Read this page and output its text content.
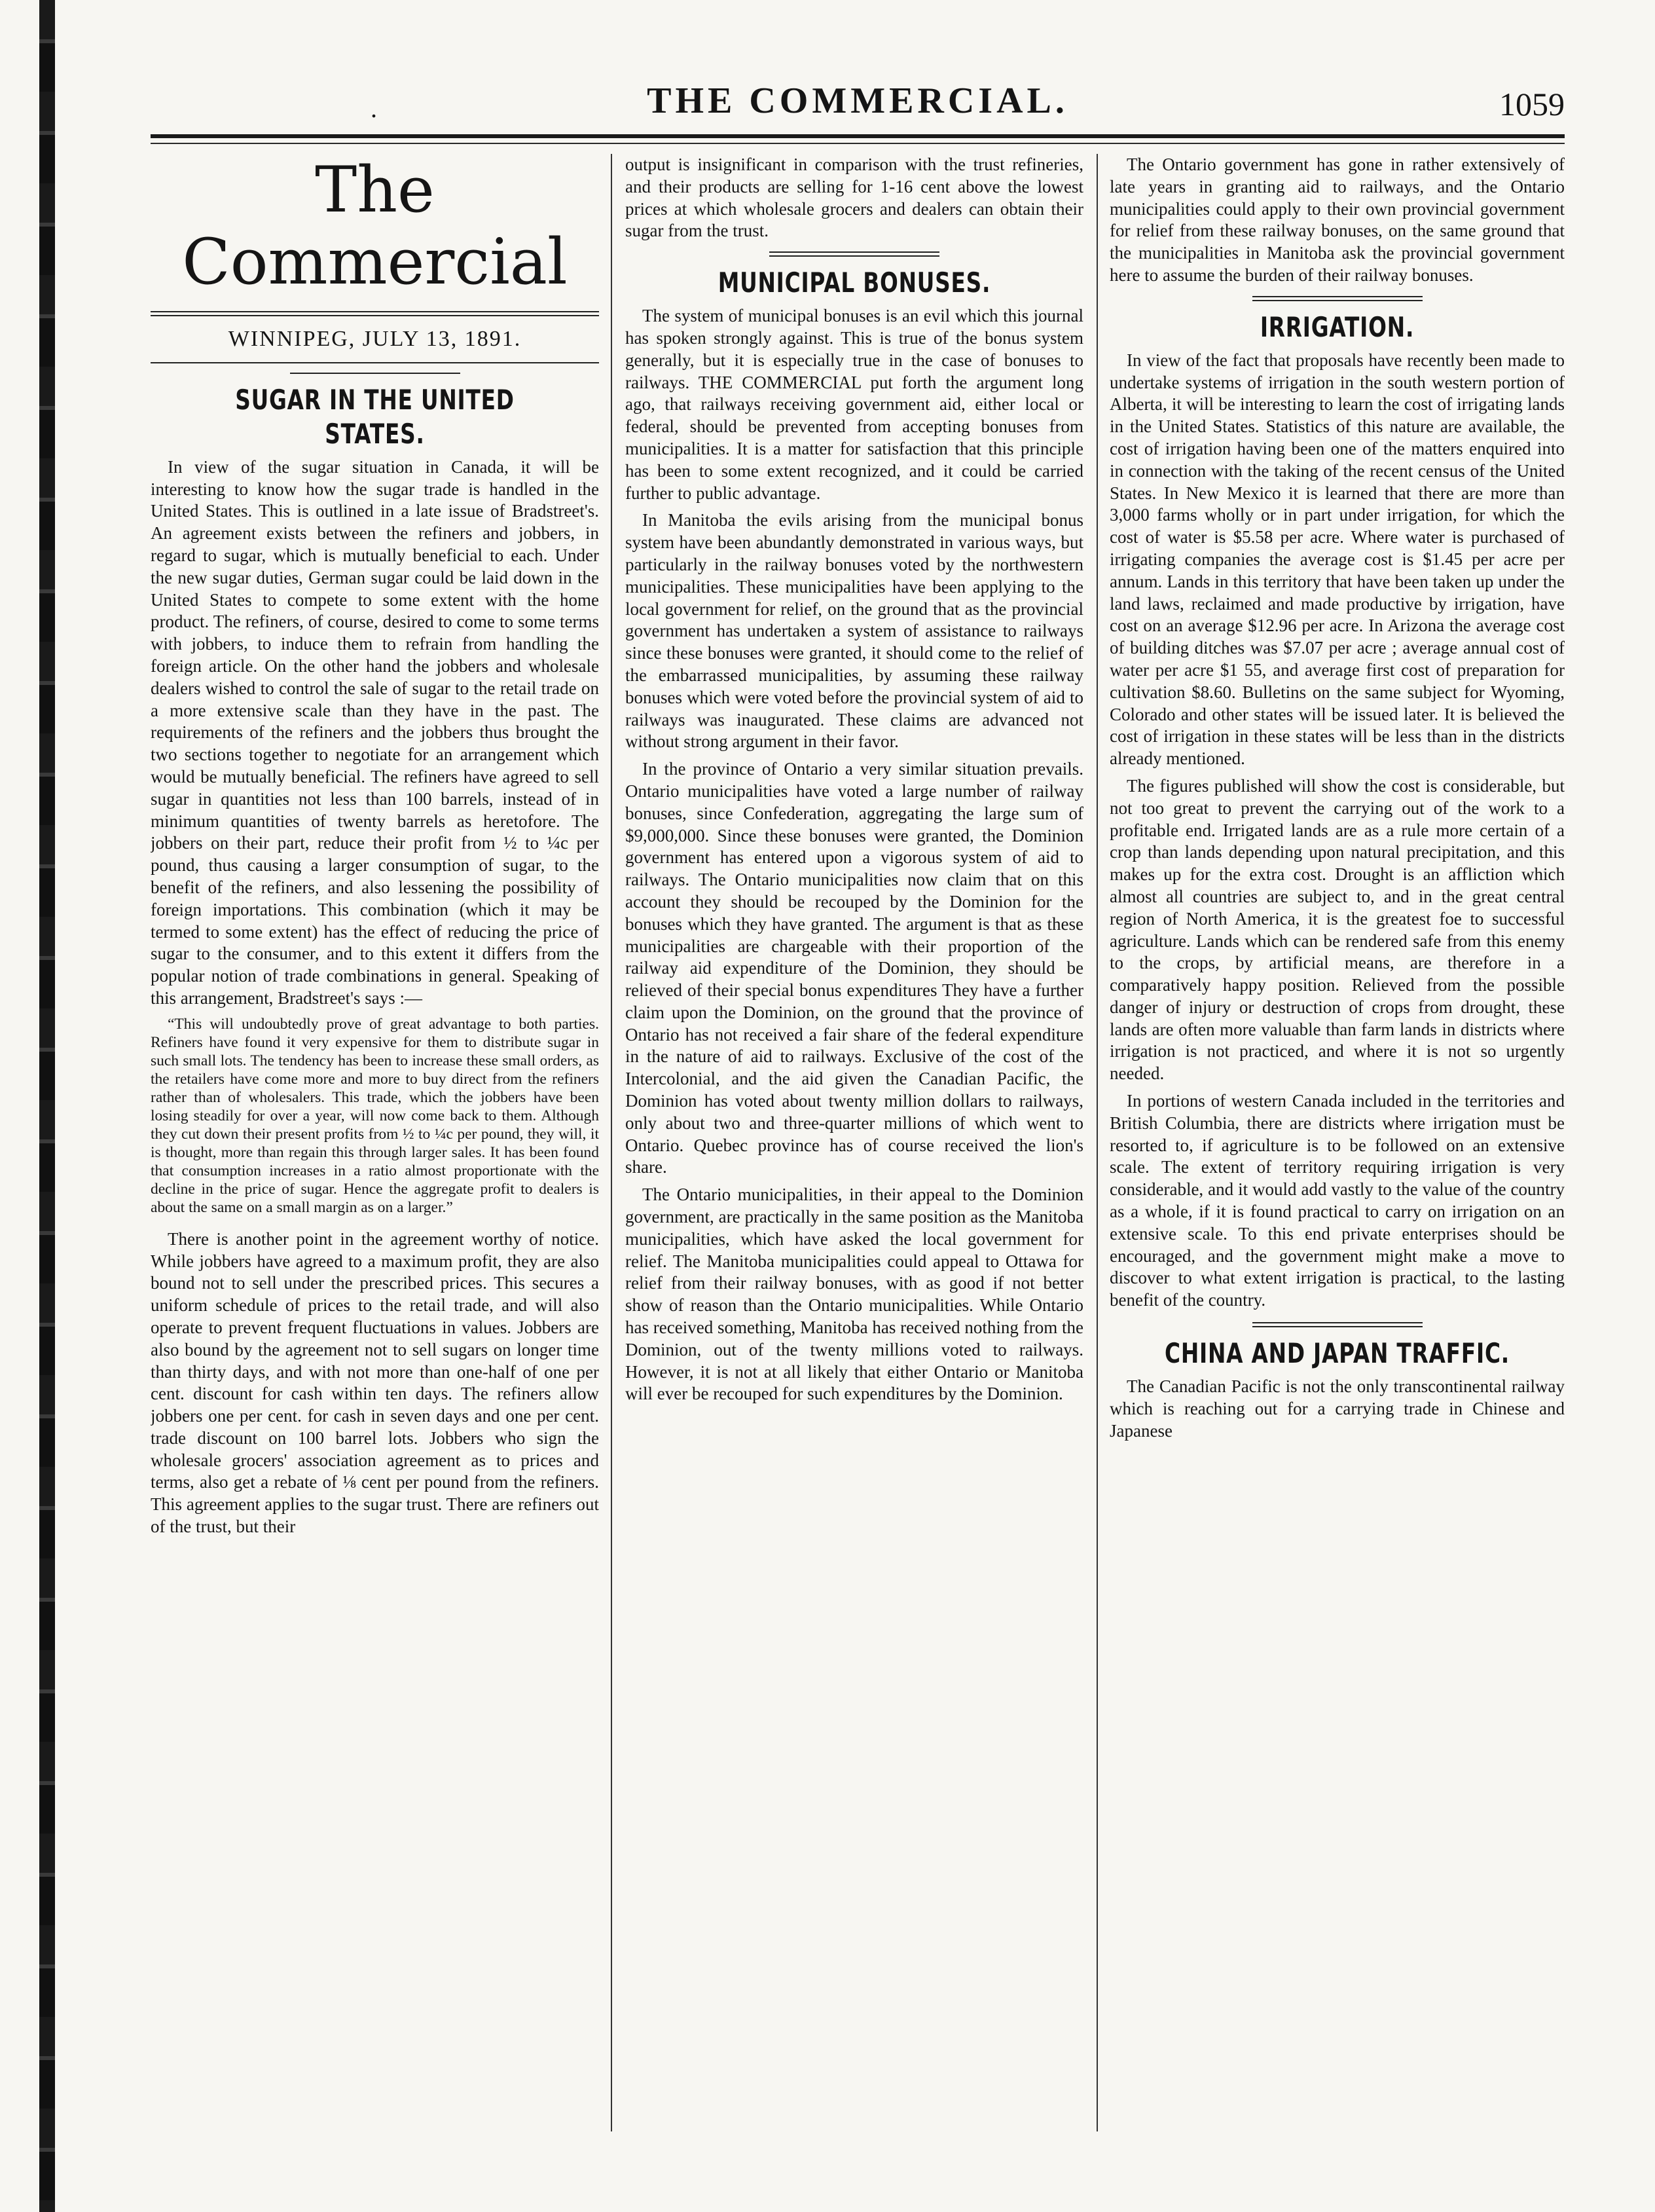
.	THE COMMERCIAL.	1059
The Commercial
WINNIPEG, JULY 13, 1891.
SUGAR IN THE UNITED STATES.

In view of the sugar situation in Canada, it will be interesting to know how the sugar trade is handled in the United States. This is outlined in a late issue of Bradstreet's. An agreement exists between the refiners and jobbers, in regard to sugar, which is mutually beneficial to each. Under the new sugar duties, German sugar could be laid down in the United States to compete to some extent with the home product. The refiners, of course, desired to come to some terms with jobbers, to induce them to refrain from handling the foreign article. On the other hand the jobbers and wholesale dealers wished to control the sale of sugar to the retail trade on a more extensive scale than they have in the past. The requirements of the refiners and the jobbers thus brought the two sections together to negotiate for an arrangement which would be mutually beneficial. The refiners have agreed to sell sugar in quantities not less than 100 barrels, instead of in minimum quantities of twenty barrels as heretofore. The jobbers on their part, reduce their profit from ½ to ¼c per pound, thus causing a larger consumption of sugar, to the benefit of the refiners, and also lessening the possibility of foreign importations. This combination (which it may be termed to some extent) has the effect of reducing the price of sugar to the consumer, and to this extent it differs from the popular notion of trade combinations in general. Speaking of this arrangement, Bradstreet's says :—

“This will undoubtedly prove of great advantage to both parties. Refiners have found it very expensive for them to distribute sugar in such small lots. The tendency has been to increase these small orders, as the retailers have come more and more to buy direct from the refiners rather than of wholesalers. This trade, which the jobbers have been losing steadily for over a year, will now come back to them. Although they cut down their present profits from ½ to ¼c per pound, they will, it is thought, more than regain this through larger sales. It has been found that consumption increases in a ratio almost proportionate with the decline in the price of sugar. Hence the aggregate profit to dealers is about the same on a small margin as on a larger.”

There is another point in the agreement worthy of notice. While jobbers have agreed to a maximum profit, they are also bound not to sell under the prescribed prices. This secures a uniform schedule of prices to the retail trade, and will also operate to prevent frequent fluctuations in values. Jobbers are also bound by the agreement not to sell sugars on longer time than thirty days, and with not more than one-half of one per cent. discount for cash within ten days. The refiners allow jobbers one per cent. for cash in seven days and one per cent. trade discount on 100 barrel lots. Jobbers who sign the wholesale grocers' association agreement as to prices and terms, also get a rebate of ⅛ cent per pound from the refiners. This agreement applies to the sugar trust. There are refiners out of the trust, but their

output is insignificant in comparison with the trust refineries, and their products are selling for 1-16 cent above the lowest prices at which wholesale grocers and dealers can obtain their sugar from the trust.

MUNICIPAL BONUSES.

The system of municipal bonuses is an evil which this journal has spoken strongly against. This is true of the bonus system generally, but it is especially true in the case of bonuses to railways. THE COMMERCIAL put forth the argument long ago, that railways receiving government aid, either local or federal, should be prevented from accepting bonuses from municipalities. It is a matter for satisfaction that this principle has been to some extent recognized, and it could be carried further to public advantage.

In Manitoba the evils arising from the municipal bonus system have been abundantly demonstrated in various ways, but particularly in the railway bonuses voted by the northwestern municipalities. These municipalities have been applying to the local government for relief, on the ground that as the provincial government has undertaken a system of assistance to railways since these bonuses were granted, it should come to the relief of the embarrassed municipalities, by assuming these railway bonuses which were voted before the provincial system of aid to railways was inaugurated. These claims are advanced not without strong argument in their favor.

In the province of Ontario a very similar situation prevails. Ontario municipalities have voted a large number of railway bonuses, since Confederation, aggregating the large sum of $9,000,000. Since these bonuses were granted, the Dominion government has entered upon a vigorous system of aid to railways. The Ontario municipalities now claim that on this account they should be recouped by the Dominion for the bonuses which they have granted. The argument is that as these municipalities are chargeable with their proportion of the railway aid expenditure of the Dominion, they should be relieved of their special bonus expenditures They have a further claim upon the Dominion, on the ground that the province of Ontario has not received a fair share of the federal expenditure in the nature of aid to railways. Exclusive of the cost of the Intercolonial, and the aid given the Canadian Pacific, the Dominion has voted about twenty million dollars to railways, only about two and three-quarter millions of which went to Ontario. Quebec province has of course received the lion's share.

The Ontario municipalities, in their appeal to the Dominion government, are practically in the same position as the Manitoba municipalities, which have asked the local government for relief. The Manitoba municipalities could appeal to Ottawa for relief from their railway bonuses, with as good if not better show of reason than the Ontario municipalities. While Ontario has received something, Manitoba has received nothing from the Dominion, out of the twenty millions voted to railways. However, it is not at all likely that either Ontario or Manitoba will ever be recouped for such expenditures by the Dominion.

The Ontario government has gone in rather extensively of late years in granting aid to railways, and the Ontario municipalities could apply to their own provincial government for relief from these railway bonuses, on the same ground that the municipalities in Manitoba ask the provincial government here to assume the burden of their railway bonuses.

IRRIGATION.

In view of the fact that proposals have recently been made to undertake systems of irrigation in the south western portion of Alberta, it will be interesting to learn the cost of irrigating lands in the United States. Statistics of this nature are available, the cost of irrigation having been one of the matters enquired into in connection with the taking of the recent census of the United States. In New Mexico it is learned that there are more than 3,000 farms wholly or in part under irrigation, for which the cost of water is $5.58 per acre. Where water is purchased of irrigating companies the average cost is $1.45 per acre per annum. Lands in this territory that have been taken up under the land laws, reclaimed and made productive by irrigation, have cost on an average $12.96 per acre. In Arizona the average cost of building ditches was $7.07 per acre ; average annual cost of water per acre $1 55, and average first cost of preparation for cultivation $8.60. Bulletins on the same subject for Wyoming, Colorado and other states will be issued later. It is believed the cost of irrigation in these states will be less than in the districts already mentioned.

The figures published will show the cost is considerable, but not too great to prevent the carrying out of the work to a profitable end. Irrigated lands are as a rule more certain of a crop than lands depending upon natural precipitation, and this makes up for the extra cost. Drought is an affliction which almost all countries are subject to, and in the great central region of North America, it is the greatest foe to successful agriculture. Lands which can be rendered safe from this enemy to the crops, by artificial means, are therefore in a comparatively happy position. Relieved from the possible danger of injury or destruction of crops from drought, these lands are often more valuable than farm lands in districts where irrigation is not practiced, and where it is not so urgently needed.

In portions of western Canada included in the territories and British Columbia, there are districts where irrigation must be resorted to, if agriculture is to be followed on an extensive scale. The extent of territory requiring irrigation is very considerable, and it would add vastly to the value of the country as a whole, if it is found practical to carry on irrigation on an extensive scale. To this end private enterprises should be encouraged, and the government might make a move to discover to what extent irrigation is practical, to the lasting benefit of the country.

CHINA AND JAPAN TRAFFIC.

The Canadian Pacific is not the only transcontinental railway which is reaching out for a carrying trade in Chinese and Japanese
